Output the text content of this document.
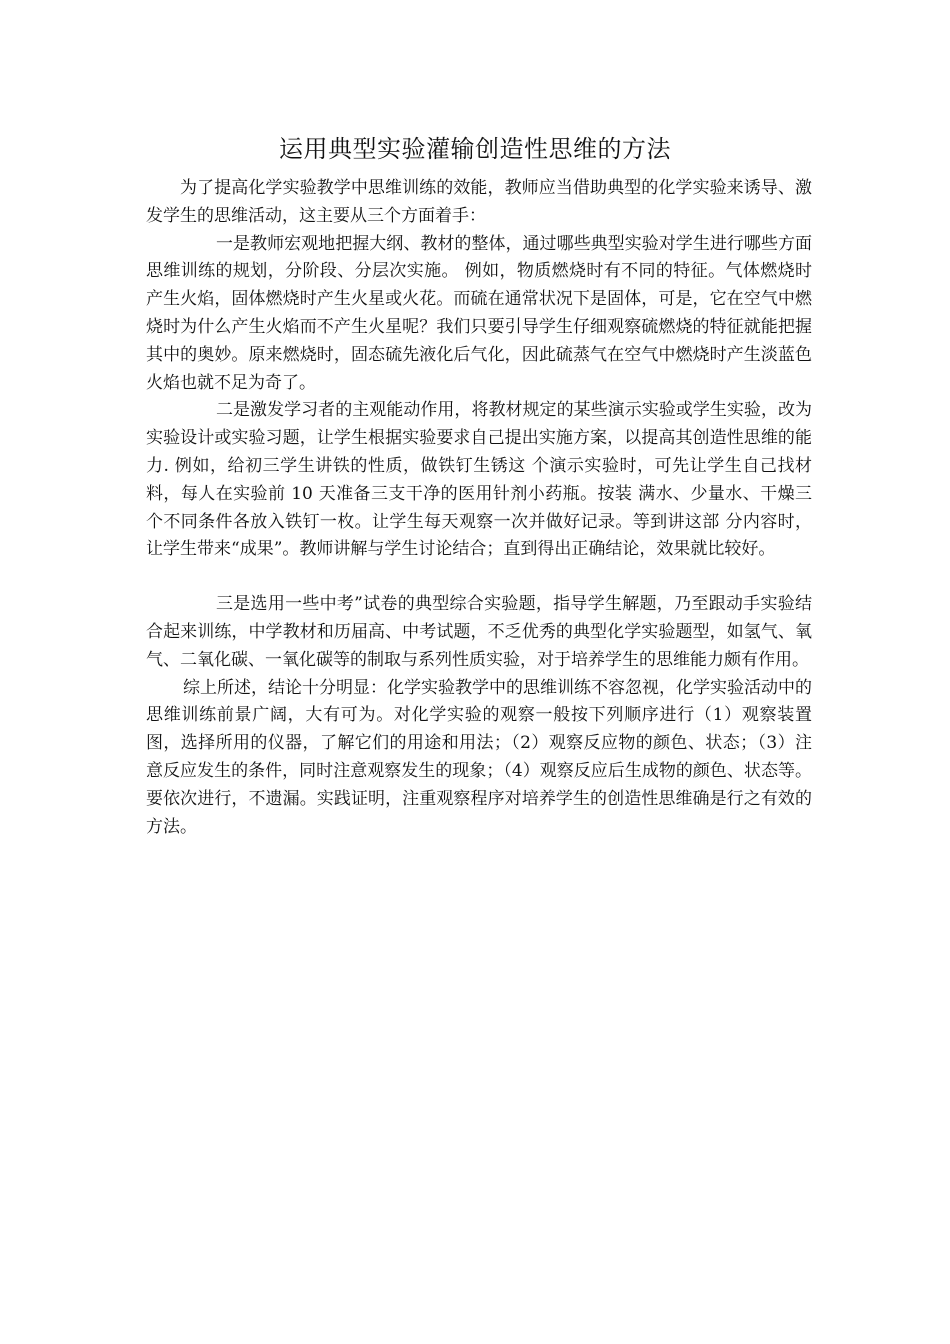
运用典型实验灌输创造性思维的方法

为了提高化学实验教学中思维训练的效能，教师应当借助典型的化学实验来诱导、激发学生的思维活动，这主要从三个方面着手：

一是教师宏观地把握大纲、教材的整体，通过哪些典型实验对学生进行哪些方面思维训练的规划，分阶段、分层次实施。 例如，物质燃烧时有不同的特征。气体燃烧时产生火焰，固体燃烧时产生火星或火花。而硫在通常状况下是固体，可是，它在空气中燃烧时为什么产生火焰而不产生火星呢？我们只要引导学生仔细观察硫燃烧的特征就能把握其中的奥妙。原来燃烧时，固态硫先液化后气化，因此硫蒸气在空气中燃烧时产生淡蓝色火焰也就不足为奇了。

二是激发学习者的主观能动作用，将教材规定的某些演示实验或学生实验，改为实验设计或实验习题，让学生根据实验要求自己提出实施方案，以提高其创造性思维的能力. 例如，给初三学生讲铁的性质，做铁钉生锈这 个演示实验时，可先让学生自己找材料，每人在实验前 10 天准备三支干净的医用针剂小药瓶。按装 满水、少量水、干燥三个不同条件各放入铁钉一枚。让学生每天观察一次并做好记录。等到讲这部 分内容时，让学生带来“成果”。教师讲解与学生讨论结合；直到得出正确结论，效果就比较好。

三是选用一些中考”试卷的典型综合实验题，指导学生解题，乃至跟动手实验结合起来训练，中学教材和历届高、中考试题，不乏优秀的典型化学实验题型，如氢气、氧气、二氧化碳、一氧化碳等的制取与系列性质实验，对于培养学生的思维能力颇有作用。

综上所述，结论十分明显：化学实验教学中的思维训练不容忽视，化学实验活动中的思维训练前景广阔，大有可为。对化学实验的观察一般按下列顺序进行（1）观察装置图，选择所用的仪器，了解它们的用途和用法；（2）观察反应物的颜色、状态；（3）注意反应发生的条件，同时注意观察发生的现象；（4）观察反应后生成物的颜色、状态等。要依次进行，不遗漏。实践证明，注重观察程序对培养学生的创造性思维确是行之有效的方法。
